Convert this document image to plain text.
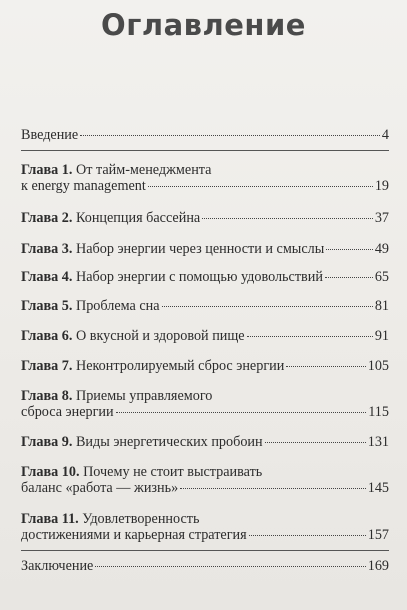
Оглавление
Введение	4
Глава 1.
От тайм-менеджмента
к energy management	19
Глава 2.
Концепция бассейна	37
Глава 3.
Набор энергии через ценности и смыслы	49
Глава 4.
Набор энергии с помощью удовольствий	65
Глава 5.
Проблема сна	81
Глава 6.
О вкусной и здоровой пище	91
Глава 7.
Неконтролируемый сброс энергии	105
Глава 8.
Приемы управляемого
сброса энергии	115
Глава 9.
Виды энергетических пробоин	131
Глава 10.
Почему не стоит выстраивать
баланс «работа — жизнь»	145
Глава 11.
Удовлетворенность
достижениями и карьерная стратегия	157
Заключение	169
